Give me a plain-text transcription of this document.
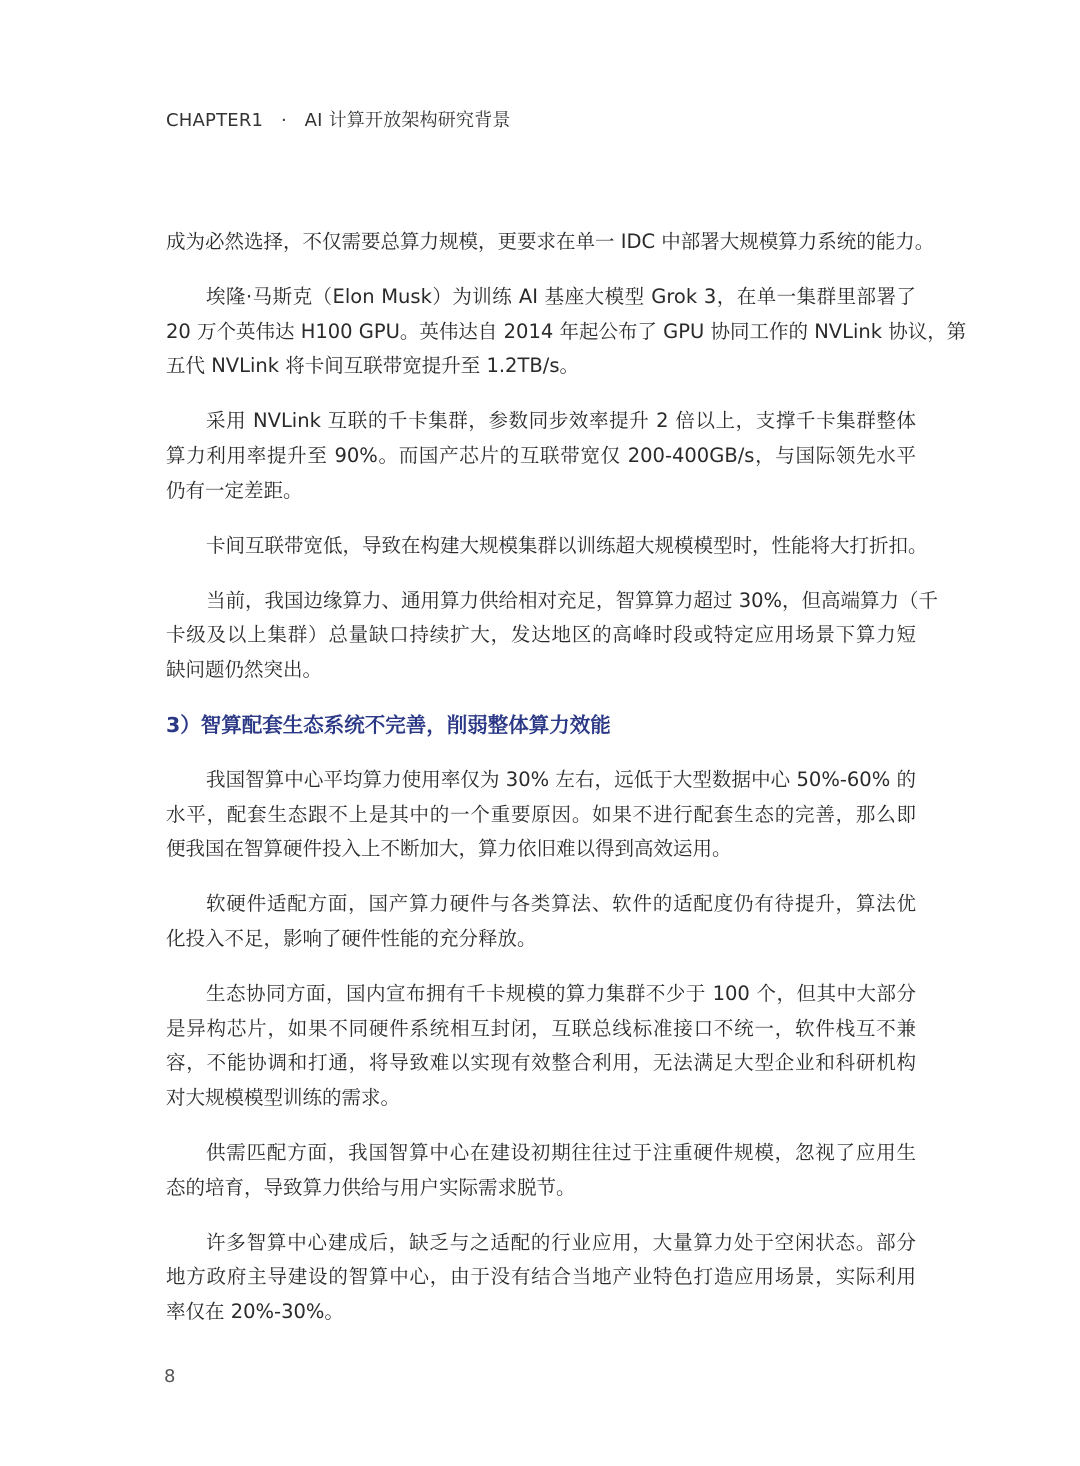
CHAPTER1 · AI 计算开放架构研究背景
成为必然选择，不仅需要总算力规模，更要求在单一 IDC 中部署大规模算力系统的能力。
埃隆·马斯克（Elon Musk）为训练 AI 基座大模型 Grok 3，在单一集群里部署了
20 万个英伟达 H100 GPU。英伟达自 2014 年起公布了 GPU 协同工作的 NVLink 协议，第
五代 NVLink 将卡间互联带宽提升至 1.2TB/s。
采用 NVLink 互联的千卡集群，参数同步效率提升 2 倍以上，支撑千卡集群整体
算力利用率提升至 90%。而国产芯片的互联带宽仅 200-400GB/s，与国际领先水平
仍有一定差距。
卡间互联带宽低，导致在构建大规模集群以训练超大规模模型时，性能将大打折扣。
当前，我国边缘算力、通用算力供给相对充足，智算算力超过 30%，但高端算力（千
卡级及以上集群）总量缺口持续扩大，发达地区的高峰时段或特定应用场景下算力短
缺问题仍然突出。
3）智算配套生态系统不完善，削弱整体算力效能
我国智算中心平均算力使用率仅为 30% 左右，远低于大型数据中心 50%-60% 的
水平，配套生态跟不上是其中的一个重要原因。如果不进行配套生态的完善，那么即
便我国在智算硬件投入上不断加大，算力依旧难以得到高效运用。
软硬件适配方面，国产算力硬件与各类算法、软件的适配度仍有待提升，算法优
化投入不足，影响了硬件性能的充分释放。
生态协同方面，国内宣布拥有千卡规模的算力集群不少于 100 个，但其中大部分
是异构芯片，如果不同硬件系统相互封闭，互联总线标准接口不统一，软件栈互不兼
容，不能协调和打通，将导致难以实现有效整合利用，无法满足大型企业和科研机构
对大规模模型训练的需求。
供需匹配方面，我国智算中心在建设初期往往过于注重硬件规模，忽视了应用生
态的培育，导致算力供给与用户实际需求脱节。
许多智算中心建成后，缺乏与之适配的行业应用，大量算力处于空闲状态。部分
地方政府主导建设的智算中心，由于没有结合当地产业特色打造应用场景，实际利用
率仅在 20%-30%。
8
